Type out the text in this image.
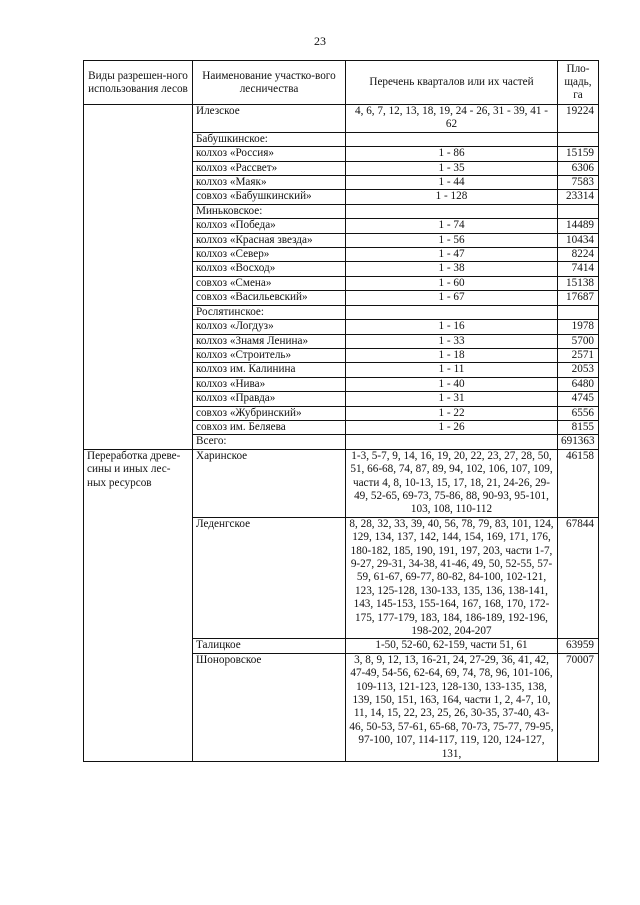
23
Виды разрешен-ного использования лесов	Наименование участко-вого лесничества	Перечень кварталов или их частей	Пло-щадь, га
	Илезское	4, 6, 7, 12, 13, 18, 19, 24 - 26, 31 - 39, 41 - 62	19224
	Бабушкинское:		
	колхоз «Россия»	1 - 86	15159
	колхоз «Рассвет»	1 - 35	6306
	колхоз «Маяк»	1 - 44	7583
	совхоз «Бабушкинский»	1 - 128	23314
	Миньковское:		
	колхоз «Победа»	1 - 74	14489
	колхоз «Красная звезда»	1 - 56	10434
	колхоз «Север»	1 - 47	8224
	колхоз «Восход»	1 - 38	7414
	совхоз «Смена»	1 - 60	15138
	совхоз «Васильевский»	1 - 67	17687
	Рослятинское:		
	колхоз «Логдуз»	1 - 16	1978
	колхоз «Знамя Ленина»	1 - 33	5700
	колхоз «Строитель»	1 - 18	2571
	колхоз им. Калинина	1 - 11	2053
	колхоз «Нива»	1 - 40	6480
	колхоз «Правда»	1 - 31	4745
	совхоз «Жубринский»	1 - 22	6556
	совхоз им. Беляева	1 - 26	8155
	Всего:		691363
Переработка древе-сины и иных лес-ных ресурсов	Харинское	1-3, 5-7, 9, 14, 16, 19, 20, 22, 23, 27, 28, 50, 51, 66-68, 74, 87, 89, 94, 102, 106, 107, 109, части 4, 8, 10-13, 15, 17, 18, 21, 24-26, 29-49, 52-65, 69-73, 75-86, 88, 90-93, 95-101, 103, 108, 110-112	46158
	Леденгское	8, 28, 32, 33, 39, 40, 56, 78, 79, 83, 101, 124, 129, 134, 137, 142, 144, 154, 169, 171, 176, 180-182, 185, 190, 191, 197, 203, части 1-7, 9-27, 29-31, 34-38, 41-46, 49, 50, 52-55, 57-59, 61-67, 69-77, 80-82, 84-100, 102-121, 123, 125-128, 130-133, 135, 136, 138-141, 143, 145-153, 155-164, 167, 168, 170, 172-175, 177-179, 183, 184, 186-189, 192-196, 198-202, 204-207	67844
	Талицкое	1-50, 52-60, 62-159, части 51, 61	63959
	Шоноровское	3, 8, 9, 12, 13, 16-21, 24, 27-29, 36, 41, 42, 47-49, 54-56, 62-64, 69, 74, 78, 96, 101-106, 109-113, 121-123, 128-130, 133-135, 138, 139, 150, 151, 163, 164, части 1, 2, 4-7, 10, 11, 14, 15, 22, 23, 25, 26, 30-35, 37-40, 43-46, 50-53, 57-61, 65-68, 70-73, 75-77, 79-95, 97-100, 107, 114-117, 119, 120, 124-127, 131,	70007
